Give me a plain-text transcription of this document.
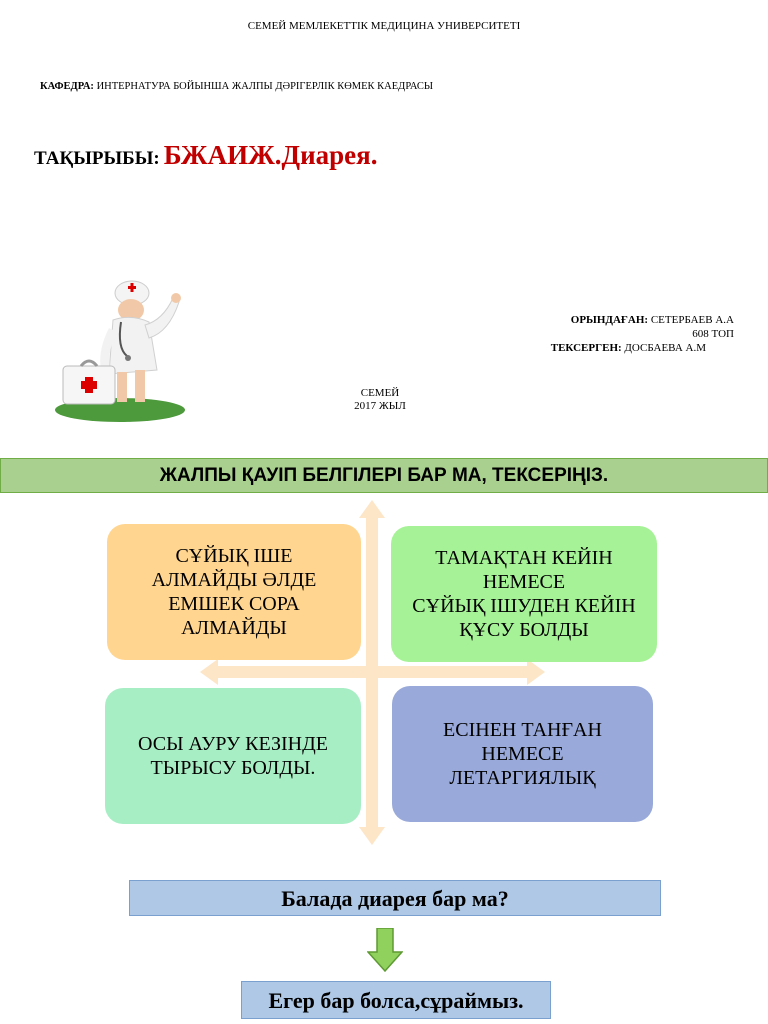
СЕМЕЙ МЕМЛЕКЕТТІК МЕДИЦИНА УНИВЕРСИТЕТІ
КАФЕДРА: ИНТЕРНАТУРА БОЙЫНША ЖАЛПЫ ДӘРІГЕРЛІК КӨМЕК КАЕДРАСЫ
ТАҚЫРЫБЫ: БЖАИЖ.Диарея.
ОРЫНДАҒАН: СЕТЕРБАЕВ А.А
608 ТОП
ТЕКСЕРГЕН: ДОСБАЕВА А.М
СЕМЕЙ
2017 ЖЫЛ
ЖАЛПЫ ҚАУІП БЕЛГІЛЕРІ БАР МА, ТЕКСЕРІҢІЗ.
СҰЙЫҚ ІШЕ
АЛМАЙДЫ ӘЛДЕ
ЕМШЕК СОРА
АЛМАЙДЫ
ТАМАҚТАН КЕЙІН
НЕМЕСЕ
СҰЙЫҚ ІШУДЕН КЕЙІН
ҚҰСУ БОЛДЫ
ОСЫ АУРУ КЕЗІНДЕ
ТЫРЫСУ БОЛДЫ.
ЕСІНЕН ТАНҒАН
НЕМЕСЕ
ЛЕТАРГИЯЛЫҚ
Балада диарея бар ма?
Егер бар болса,сұраймыз.
